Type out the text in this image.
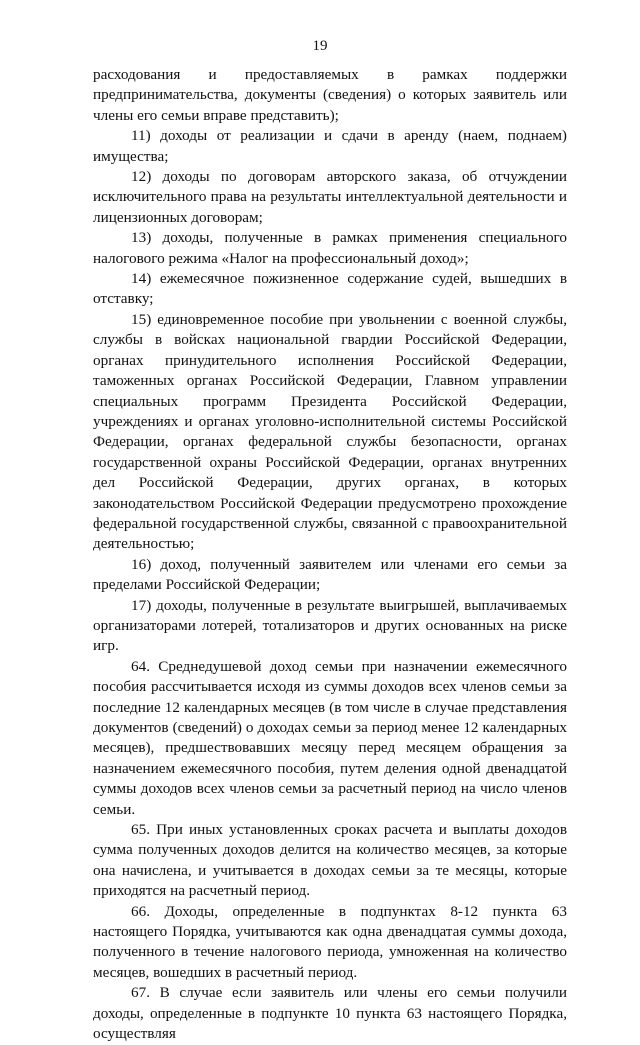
19

расходования и предоставляемых в рамках поддержки предпринимательства, документы (сведения) о которых заявитель или члены его семьи вправе представить);

11) доходы от реализации и сдачи в аренду (наем, поднаем) имущества;

12) доходы по договорам авторского заказа, об отчуждении исключительного права на результаты интеллектуальной деятельности и лицензионных договорам;

13) доходы, полученные в рамках применения специального налогового режима «Налог на профессиональный доход»;

14) ежемесячное пожизненное содержание судей, вышедших в отставку;

15) единовременное пособие при увольнении с военной службы, службы в войсках национальной гвардии Российской Федерации, органах принудительного исполнения Российской Федерации, таможенных органах Российской Федерации, Главном управлении специальных программ Президента Российской Федерации, учреждениях и органах уголовно-исполнительной системы Российской Федерации, органах федеральной службы безопасности, органах государственной охраны Российской Федерации, органах внутренних дел Российской Федерации, других органах, в которых законодательством Российской Федерации предусмотрено прохождение федеральной государственной службы, связанной с правоохранительной деятельностью;

16) доход, полученный заявителем или членами его семьи за пределами Российской Федерации;

17) доходы, полученные в результате выигрышей, выплачиваемых организаторами лотерей, тотализаторов и других основанных на риске игр.

64. Среднедушевой доход семьи при назначении ежемесячного пособия рассчитывается исходя из суммы доходов всех членов семьи за последние 12 календарных месяцев (в том числе в случае представления документов (сведений) о доходах семьи за период менее 12 календарных месяцев), предшествовавших месяцу перед месяцем обращения за назначением ежемесячного пособия, путем деления одной двенадцатой суммы доходов всех членов семьи за расчетный период на число членов семьи.

65. При иных установленных сроках расчета и выплаты доходов сумма полученных доходов делится на количество месяцев, за которые она начислена, и учитывается в доходах семьи за те месяцы, которые приходятся на расчетный период.

66. Доходы, определенные в подпунктах 8-12 пункта 63 настоящего Порядка, учитываются как одна двенадцатая суммы дохода, полученного в течение налогового периода, умноженная на количество месяцев, вошедших в расчетный период.

67. В случае если заявитель или члены его семьи получили доходы, определенные в подпункте 10 пункта 63 настоящего Порядка, осуществляя
